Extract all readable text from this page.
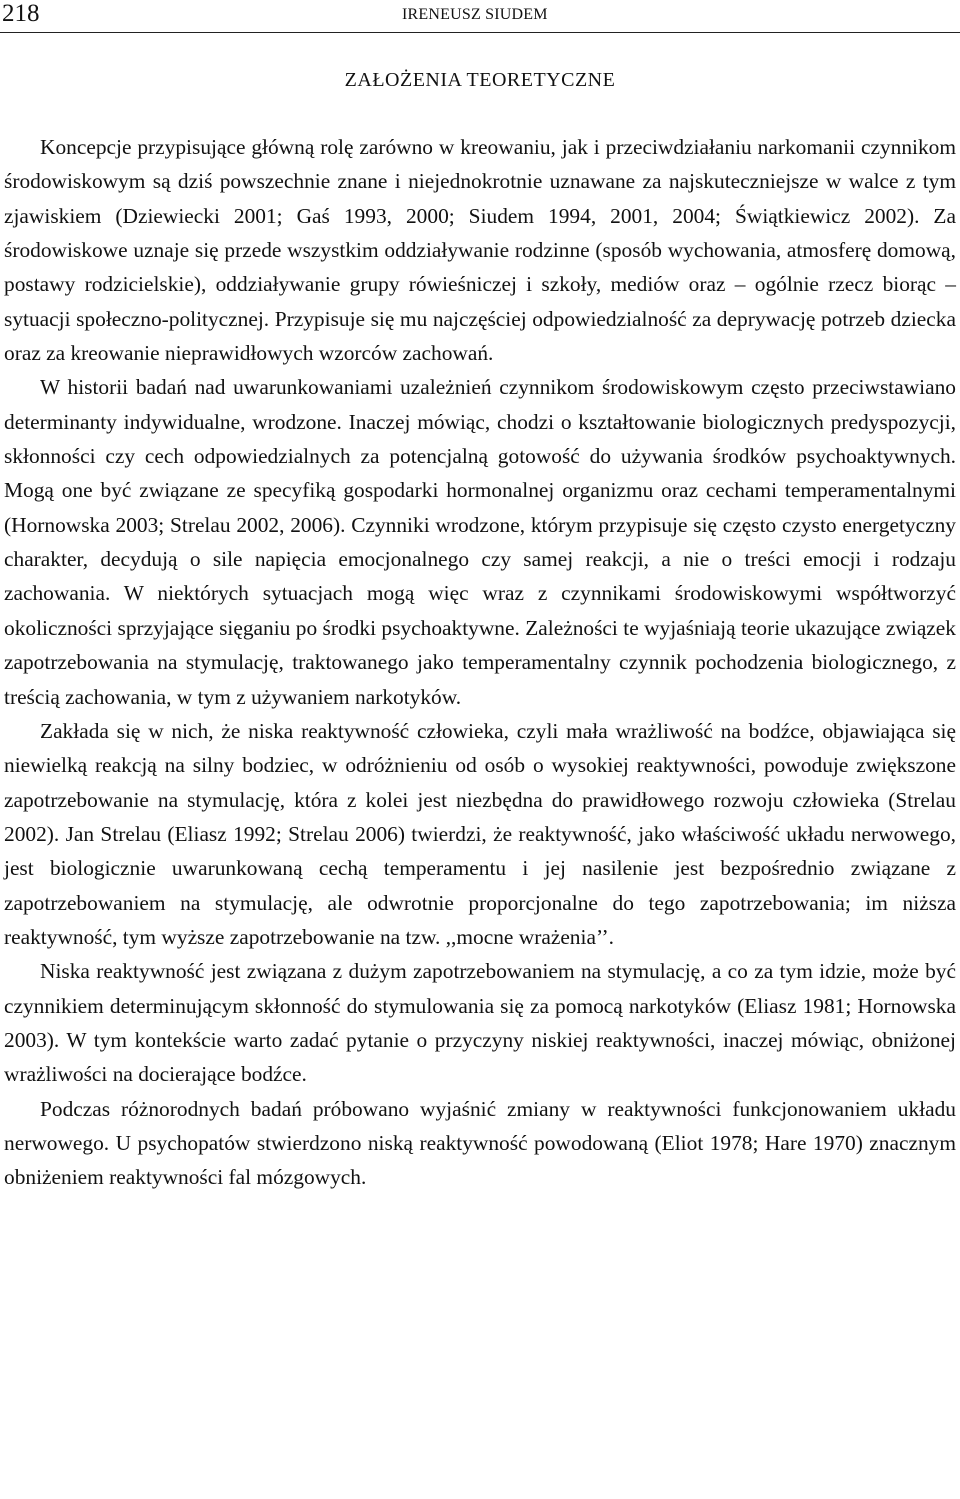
218	IRENEUSZ SIUDEM
ZAŁOŻENIA TEORETYCZNE

Koncepcje przypisujące główną rolę zarówno w kreowaniu, jak i przeciwdziałaniu narkomanii czynnikom środowiskowym są dziś powszechnie znane i niejednokrotnie uznawane za najskuteczniejsze w walce z tym zjawiskiem (Dziewiecki 2001; Gaś 1993, 2000; Siudem 1994, 2001, 2004; Świątkiewicz 2002). Za środowiskowe uznaje się przede wszystkim oddziaływanie rodzinne (sposób wychowania, atmosferę domową, postawy rodzicielskie), oddziaływanie grupy rówieśniczej i szkoły, mediów oraz – ogólnie rzecz biorąc – sytuacji społeczno-politycznej. Przypisuje się mu najczęściej odpowiedzialność za deprywację potrzeb dziecka oraz za kreowanie nieprawidłowych wzorców zachowań.

W historii badań nad uwarunkowaniami uzależnień czynnikom środowiskowym często przeciwstawiano determinanty indywidualne, wrodzone. Inaczej mówiąc, chodzi o kształtowanie biologicznych predyspozycji, skłonności czy cech odpowiedzialnych za potencjalną gotowość do używania środków psychoaktywnych. Mogą one być związane ze specyfiką gospodarki hormonalnej organizmu oraz cechami temperamentalnymi (Hornowska 2003; Strelau 2002, 2006). Czynniki wrodzone, którym przypisuje się często czysto energetyczny charakter, decydują o sile napięcia emocjonalnego czy samej reakcji, a nie o treści emocji i rodzaju zachowania. W niektórych sytuacjach mogą więc wraz z czynnikami środowiskowymi współtworzyć okoliczności sprzyjające sięganiu po środki psychoaktywne. Zależności te wyjaśniają teorie ukazujące związek zapotrzebowania na stymulację, traktowanego jako temperamentalny czynnik pochodzenia biologicznego, z treścią zachowania, w tym z używaniem narkotyków.

Zakłada się w nich, że niska reaktywność człowieka, czyli mała wrażliwość na bodźce, objawiająca się niewielką reakcją na silny bodziec, w odróżnieniu od osób o wysokiej reaktywności, powoduje zwiększone zapotrzebowanie na stymulację, która z kolei jest niezbędna do prawidłowego rozwoju człowieka (Strelau 2002). Jan Strelau (Eliasz 1992; Strelau 2006) twierdzi, że reaktywność, jako właściwość układu nerwowego, jest biologicznie uwarunkowaną cechą temperamentu i jej nasilenie jest bezpośrednio związane z zapotrzebowaniem na stymulację, ale odwrotnie proporcjonalne do tego zapotrzebowania; im niższa reaktywność, tym wyższe zapotrzebowanie na tzw. ,,mocne wrażenia’’.

Niska reaktywność jest związana z dużym zapotrzebowaniem na stymulację, a co za tym idzie, może być czynnikiem determinującym skłonność do stymulowania się za pomocą narkotyków (Eliasz 1981; Hornowska 2003). W tym kontekście warto zadać pytanie o przyczyny niskiej reaktywności, inaczej mówiąc, obniżonej wrażliwości na docierające bodźce.

Podczas różnorodnych badań próbowano wyjaśnić zmiany w reaktywności funkcjonowaniem układu nerwowego. U psychopatów stwierdzono niską reaktywność powodowaną (Eliot 1978; Hare 1970) znacznym obniżeniem reaktywności fal mózgowych.
